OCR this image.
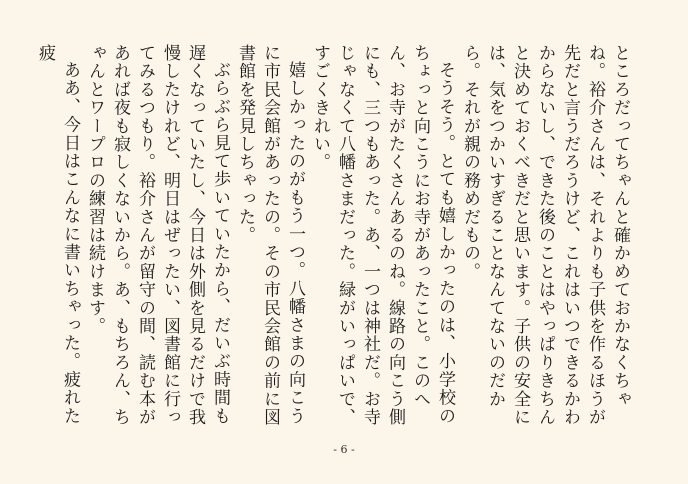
ところだってちゃんと確かめておかなくちゃね。裕介さんは、それよりも子供を作るほうが先だと言うだろうけど、これはいつできるかわからないし、できた後のことはやっぱりきちんと決めておくべきだと思います。子供の安全には、気をつかいすぎることなんてないのだから。それが親の務めだもの。

そうそう。とても嬉しかったのは、小学校のちょっと向こうにお寺があったこと。このへん、お寺がたくさんあるのね。線路の向こう側にも、三つもあった。あ、一つは神社だ。お寺じゃなくて八幡さまだった。緑がいっぱいで、すごくきれい。

嬉しかったのがもう一つ。八幡さまの向こうに市民会館があったの。その市民会館の前に図書館を発見しちゃった。

ぶらぶら見て歩いていたから、だいぶ時間も遅くなっていたし、今日は外側を見るだけで我慢したけれど、明日はぜったい、図書館に行ってみるつもり。裕介さんが留守の間、読む本があれば夜も寂しくないから。あ、もちろん、ちゃんとワープロの練習は続けます。

ああ、今日はこんなに書いちゃった。疲れた疲

- 6 -
